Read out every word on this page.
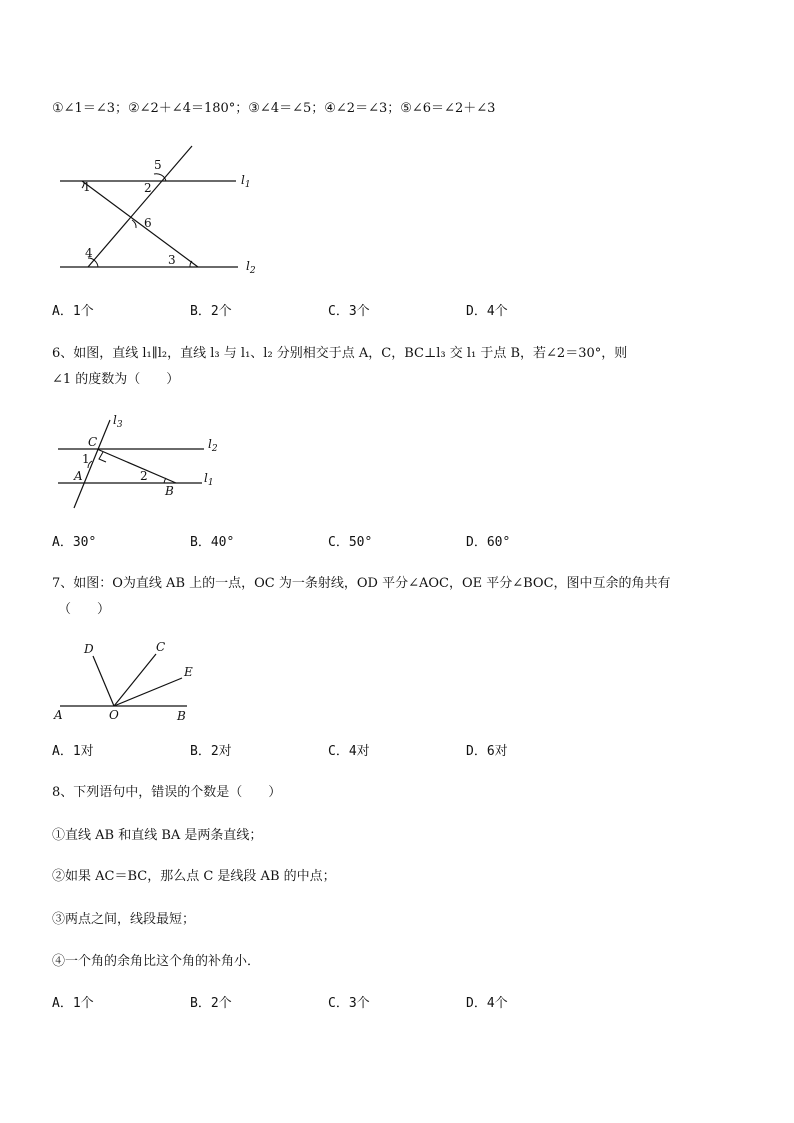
①∠1＝∠3；②∠2＋∠4＝180°；③∠4＝∠5；④∠2＝∠3；⑤∠6＝∠2＋∠3
1	2
5
6
4	3
$l_1$
$l_2$
A．1个	B．2个	C．3个	D．4个
6、如图，直线 l₁∥l₂，直线 l₃ 与 l₁、l₂ 分别相交于点 A，C，BC⊥l₃ 交 l₁ 于点 B，若∠2＝30°，则
∠1 的度数为（　　）
$l_3$
$l_2$
$l_1$
C
A
B
1
2
A．30°	B．40°	C．50°	D．60°
7、如图：O为直线 AB 上的一点，OC 为一条射线，OD 平分∠AOC，OE 平分∠BOC，图中互余的角共有
（　　）
D	C
E
A	O	B
A．1对	B．2对	C．4对	D．6对
8、下列语句中，错误的个数是（　　）
①直线 AB 和直线 BA 是两条直线；
②如果 AC＝BC，那么点 C 是线段 AB 的中点；
③两点之间，线段最短；
④一个角的余角比这个角的补角小．
A．1个	B．2个	C．3个	D．4个
